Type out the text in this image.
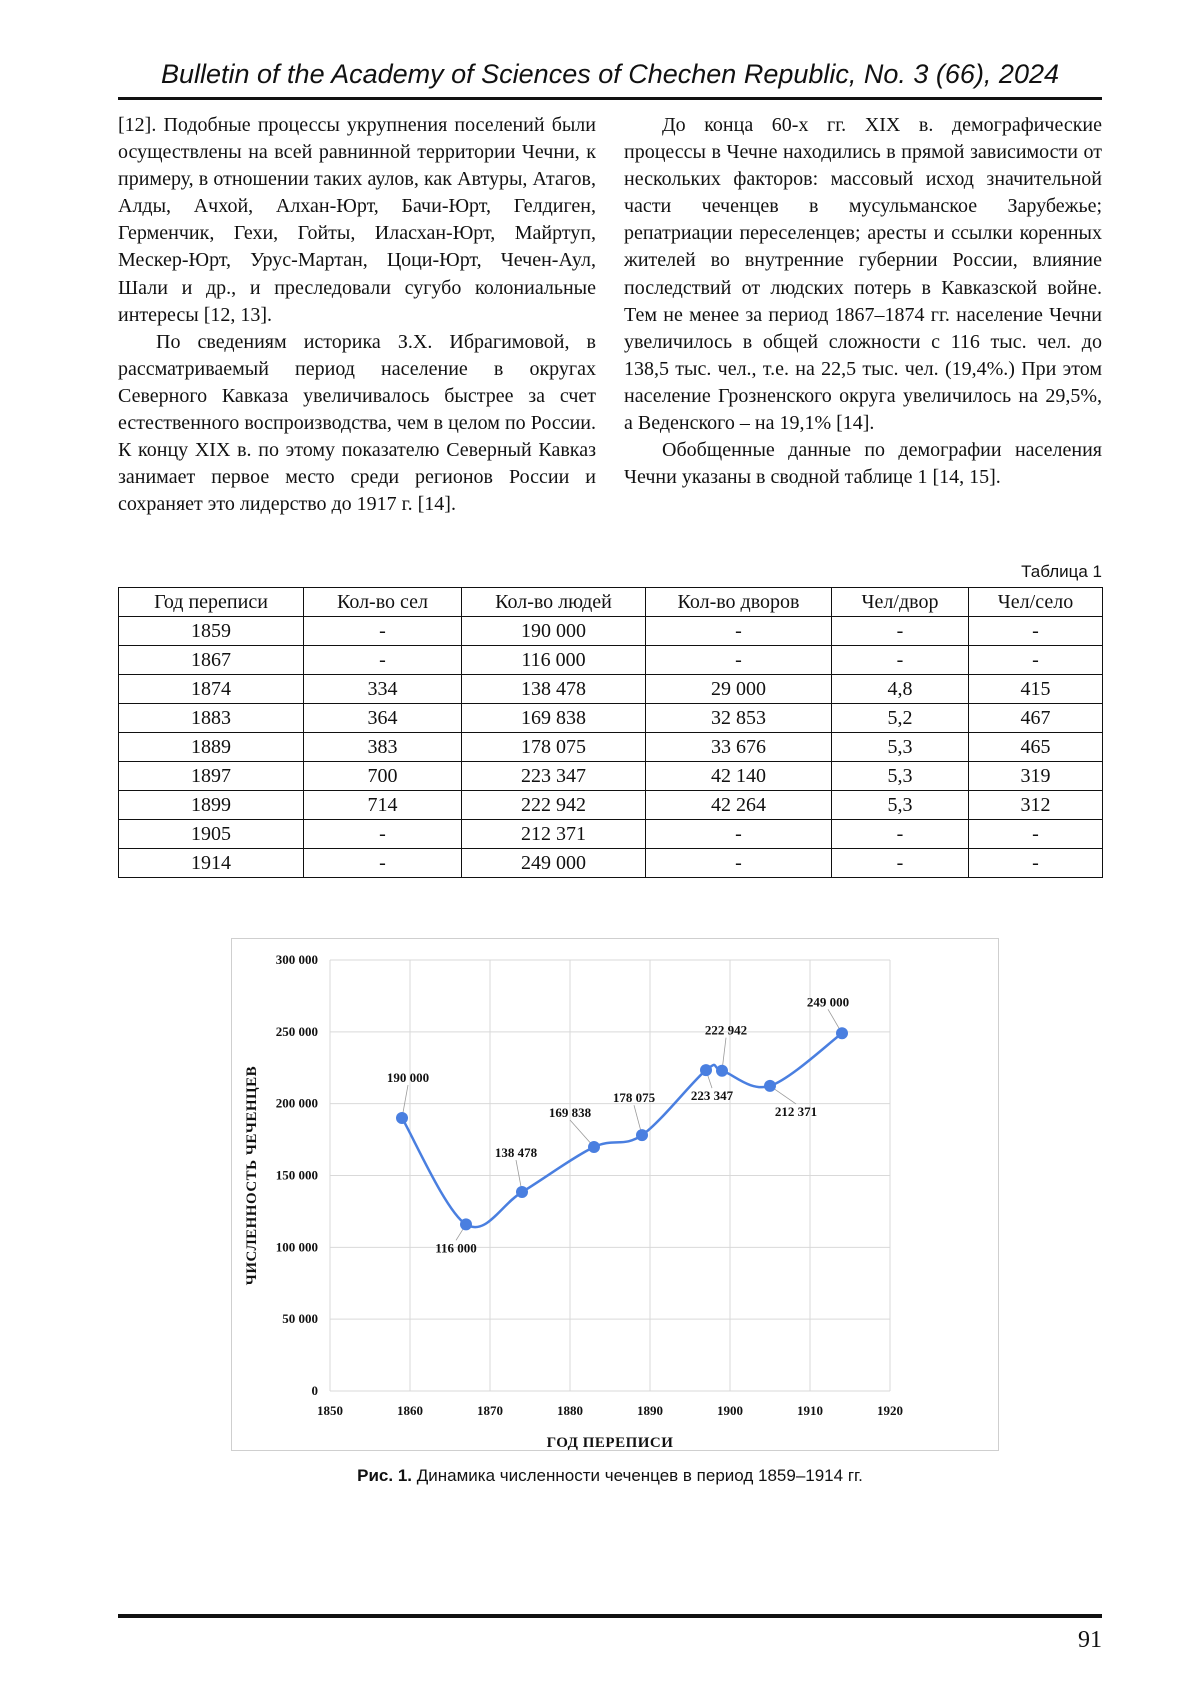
Bulletin of the Academy of Sciences of Chechen Republic, No. 3 (66), 2024

[12]. Подобные процессы укрупнения поселений были осуществлены на всей равнинной территории Чечни, к примеру, в отношении таких аулов, как Автуры, Атагов, Алды, Ачхой, Алхан-Юрт, Бачи-Юрт, Гелдиген, Герменчик, Гехи, Гойты, Иласхан-Юрт, Майртуп, Мескер-Юрт, Урус-Мартан, Цоци-Юрт, Чечен-Аул, Шали и др., и преследовали сугубо колониальные интересы [12, 13].

По сведениям историка З.Х. Ибрагимовой, в рассматриваемый период население в округах Северного Кавказа увеличивалось быстрее за счет естественного воспроизводства, чем в целом по России. К концу XIX в. по этому показателю Северный Кавказ занимает первое место среди регионов России и сохраняет это лидерство до 1917 г. [14].

До конца 60-х гг. XIX в. демографические процессы в Чечне находились в прямой зависимости от нескольких факторов: массовый исход значительной части чеченцев в мусульманское Зарубежье; репатриации переселенцев; аресты и ссылки коренных жителей во внутренние губернии России, влияние последствий от людских потерь в Кавказской войне. Тем не менее за период 1867–1874 гг. население Чечни увеличилось в общей сложности с 116 тыс. чел. до 138,5 тыс. чел., т.е. на 22,5 тыс. чел. (19,4%.) При этом население Грозненского округа увеличилось на 29,5%, а Веденского – на 19,1% [14].

Обобщенные данные по демографии населения Чечни указаны в сводной таблице 1 [14, 15].

Таблица 1
Год переписи	Кол-во сел	Кол-во людей	Кол-во дворов	Чел/двор	Чел/село
1859	-	190 000	-	-	-
1867	-	116 000	-	-	-
1874	334	138 478	29 000	4,8	415
1883	364	169 838	32 853	5,2	467
1889	383	178 075	33 676	5,3	465
1897	700	223 347	42 140	5,3	319
1899	714	222 942	42 264	5,3	312
1905	-	212 371	-	-	-
1914	-	249 000	-	-	-
0
50 000
100 000
150 000
200 000
250 000
300 000
1850	1860	1870	1880	1890	1900	1910	1920
ГОД ПЕРЕПИСИ
ЧИСЛЕННОСТЬ ЧЕЧЕНЦЕВ	190 000
116 000
138 478
169 838
178 075	223 347
222 942
212 371
249 000
Рис. 1. Динамика численности чеченцев в период 1859–1914 гг.
91
